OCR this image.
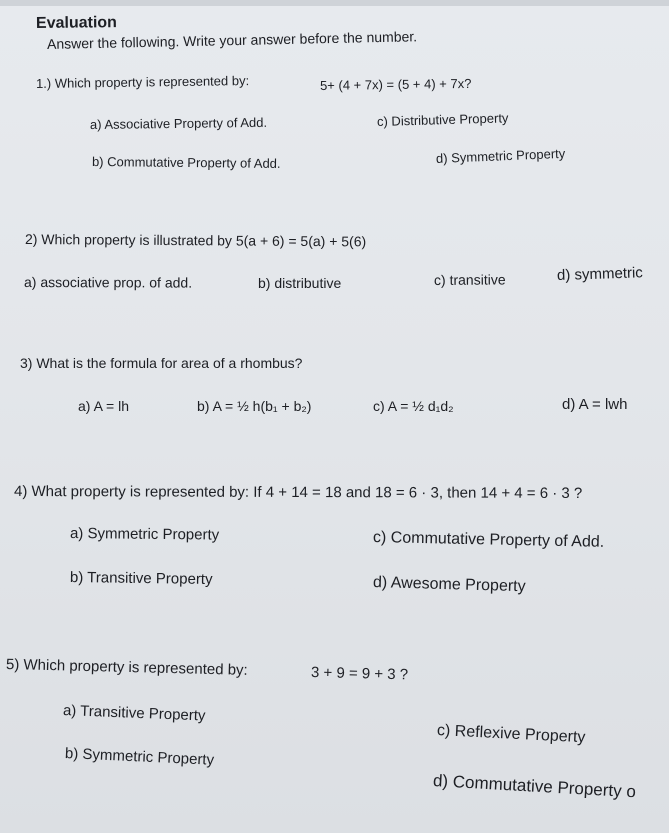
Evaluation
Answer the following. Write your answer before the number.
1.) Which property is represented by:	5+ (4 + 7x) = (5 + 4) + 7x?
a) Associative Property of Add.	c) Distributive Property
b) Commutative Property of Add.	d) Symmetric Property
2) Which property is illustrated by 5(a + 6) = 5(a) + 5(6)
a) associative prop. of add.	b) distributive	c) transitive	d) symmetric
3) What is the formula for area of a rhombus?
a) A = lh	b) A = ½ h(b₁ + b₂)	c) A = ½ d₁d₂	d) A = lwh
4) What property is represented by: If 4 + 14 = 18 and 18 = 6 · 3, then 14 + 4 = 6 · 3 ?
a) Symmetric Property	c) Commutative Property of Add.
b) Transitive Property	d) Awesome Property
5) Which property is represented by:	3 + 9 = 9 + 3 ?
a) Transitive Property
c) Reflexive Property
b) Symmetric Property
d) Commutative Property o
